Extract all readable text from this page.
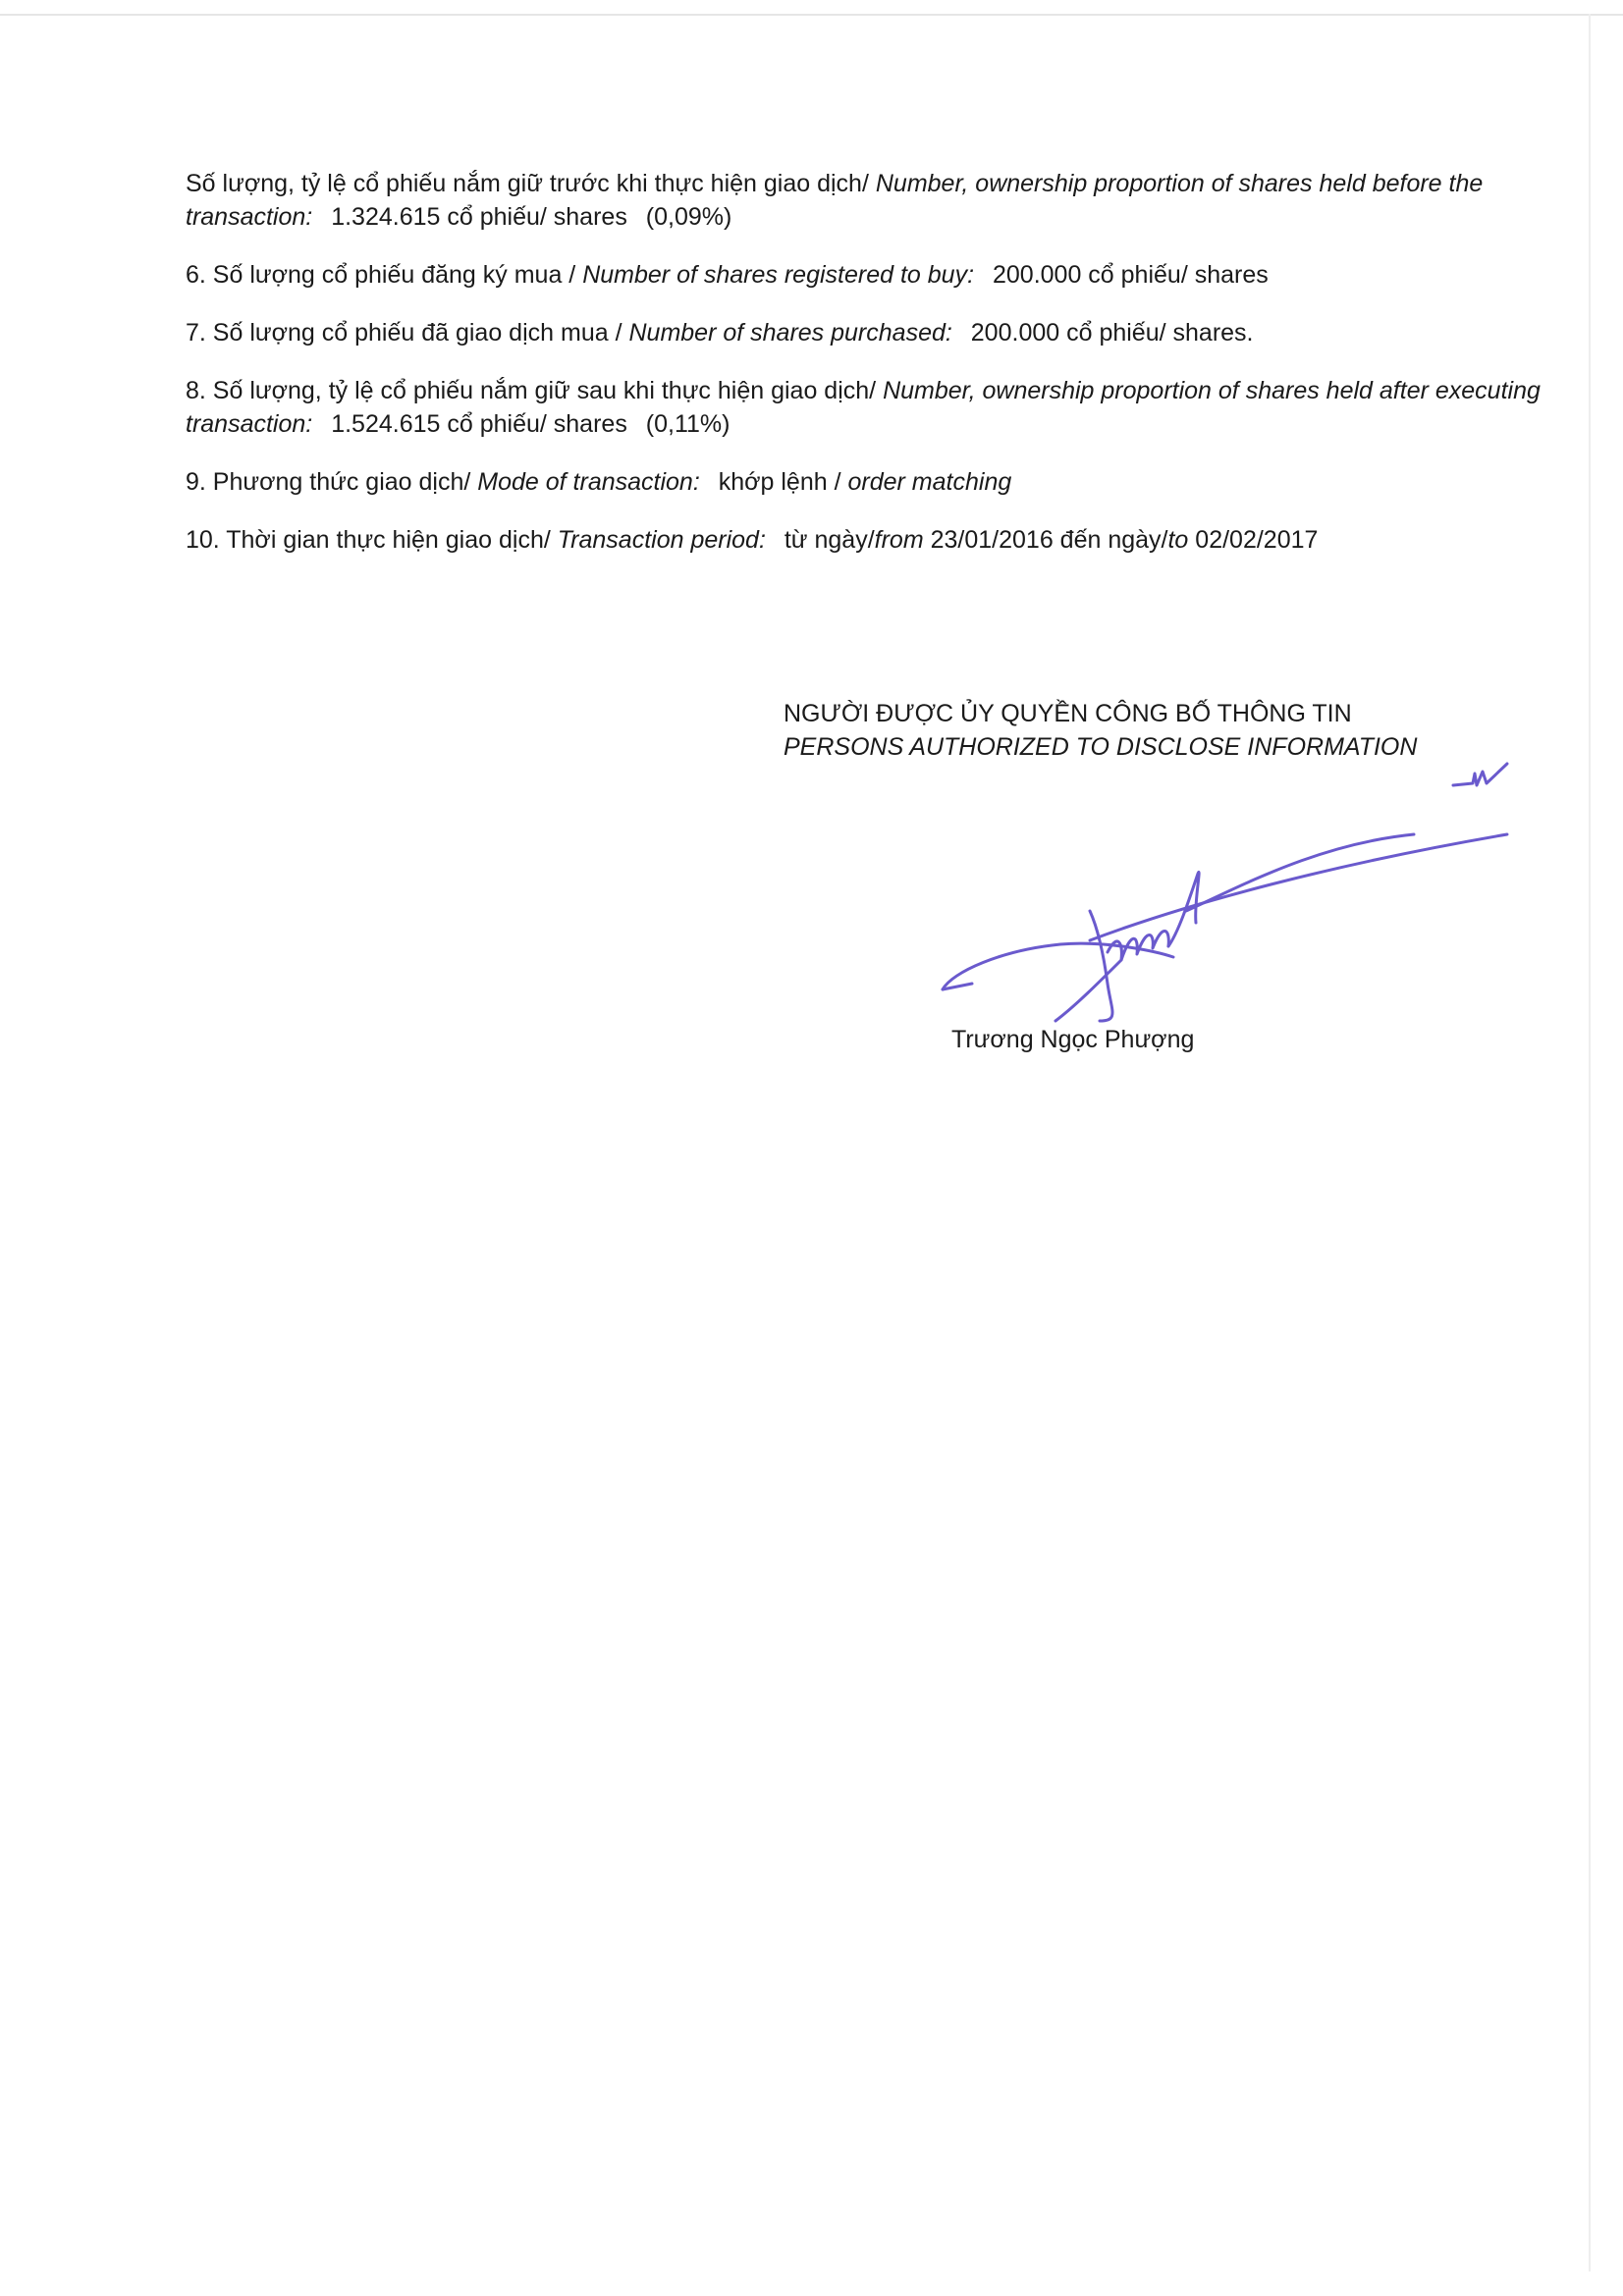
Số lượng, tỷ lệ cổ phiếu nắm giữ trước khi thực hiện giao dịch/ Number, ownership proportion of shares held before the transaction: 1.324.615 cổ phiếu/ shares (0,09%)

6. Số lượng cổ phiếu đăng ký mua / Number of shares registered to buy: 200.000 cổ phiếu/ shares

7. Số lượng cổ phiếu đã giao dịch mua / Number of shares purchased: 200.000 cổ phiếu/ shares.

8. Số lượng, tỷ lệ cổ phiếu nắm giữ sau khi thực hiện giao dịch/ Number, ownership proportion of shares held after executing transaction: 1.524.615 cổ phiếu/ shares (0,11%)

9. Phương thức giao dịch/ Mode of transaction: khớp lệnh / order matching

10. Thời gian thực hiện giao dịch/ Transaction period: từ ngày/from 23/01/2016 đến ngày/to 02/02/2017

NGƯỜI ĐƯỢC ỦY QUYỀN CÔNG BỐ THÔNG TIN

PERSONS AUTHORIZED TO DISCLOSE INFORMATION

Trương Ngọc Phượng
